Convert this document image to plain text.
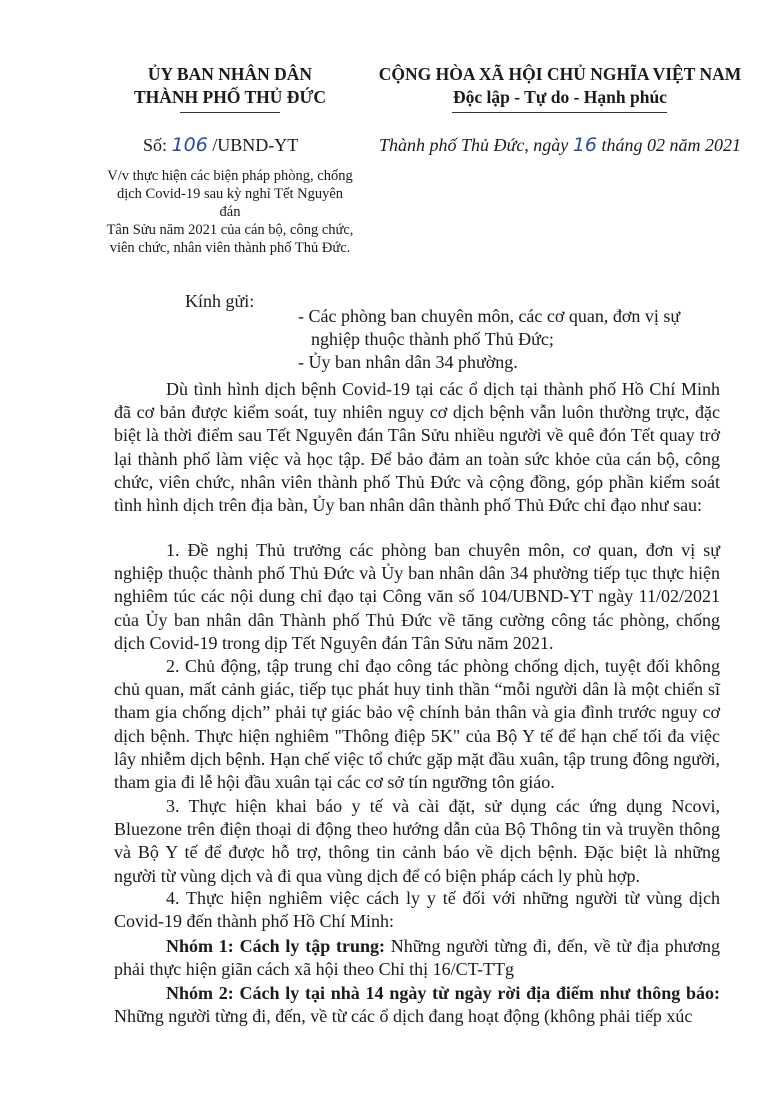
ỦY BAN NHÂN DÂN
THÀNH PHỐ THỦ ĐỨC
CỘNG HÒA XÃ HỘI CHỦ NGHĨA VIỆT NAM
Độc lập - Tự do - Hạnh phúc
Số: 106 /UBND-YT	Thành phố Thủ Đức, ngày 16 tháng 02 năm 2021
V/v thực hiện các biện pháp phòng, chống
dịch Covid-19 sau kỳ nghỉ Tết Nguyên đán
Tân Sửu năm 2021 của cán bộ, công chức,
viên chức, nhân viên thành phố Thủ Đức.
Kính gửi:
- Các phòng ban chuyên môn, các cơ quan, đơn vị sự
nghiệp thuộc thành phố Thủ Đức;
- Ủy ban nhân dân 34 phường.
Dù tình hình dịch bệnh Covid-19 tại các ổ dịch tại thành phố Hồ Chí Minh đã cơ bản được kiểm soát, tuy nhiên nguy cơ dịch bệnh vẫn luôn thường trực, đặc biệt là thời điểm sau Tết Nguyên đán Tân Sửu nhiều người về quê đón Tết quay trở lại thành phố làm việc và học tập. Để bảo đảm an toàn sức khỏe của cán bộ, công chức, viên chức, nhân viên thành phố Thủ Đức và cộng đồng, góp phần kiểm soát tình hình dịch trên địa bàn, Ủy ban nhân dân thành phố Thủ Đức chỉ đạo như sau:
1. Đề nghị Thủ trưởng các phòng ban chuyên môn, cơ quan, đơn vị sự nghiệp thuộc thành phố Thủ Đức và Ủy ban nhân dân 34 phường tiếp tục thực hiện nghiêm túc các nội dung chỉ đạo tại Công văn số 104/UBND-YT ngày 11/02/2021 của Ủy ban nhân dân Thành phố Thủ Đức về tăng cường công tác phòng, chống dịch Covid-19 trong dịp Tết Nguyên đán Tân Sửu năm 2021.
2. Chủ động, tập trung chỉ đạo công tác phòng chống dịch, tuyệt đối không chủ quan, mất cảnh giác, tiếp tục phát huy tinh thần “mỗi người dân là một chiến sĩ tham gia chống dịch” phải tự giác bảo vệ chính bản thân và gia đình trước nguy cơ dịch bệnh. Thực hiện nghiêm "Thông điệp 5K" của Bộ Y tế để hạn chế tối đa việc lây nhiễm dịch bệnh. Hạn chế việc tổ chức gặp mặt đầu xuân, tập trung đông người, tham gia đi lễ hội đầu xuân tại các cơ sở tín ngưỡng tôn giáo.
3. Thực hiện khai báo y tế và cài đặt, sử dụng các ứng dụng Ncovi, Bluezone trên điện thoại di động theo hướng dẫn của Bộ Thông tin và truyền thông và Bộ Y tế để được hỗ trợ, thông tin cảnh báo về dịch bệnh. Đặc biệt là những người từ vùng dịch và đi qua vùng dịch để có biện pháp cách ly phù hợp.
4. Thực hiện nghiêm việc cách ly y tế đối với những người từ vùng dịch Covid-19 đến thành phố Hồ Chí Minh:
Nhóm 1: Cách ly tập trung: Những người từng đi, đến, về từ địa phương phải thực hiện giãn cách xã hội theo Chỉ thị 16/CT-TTg
Nhóm 2: Cách ly tại nhà 14 ngày từ ngày rời địa điểm như thông báo: Những người từng đi, đến, về từ các ổ dịch đang hoạt động (không phải tiếp xúc
